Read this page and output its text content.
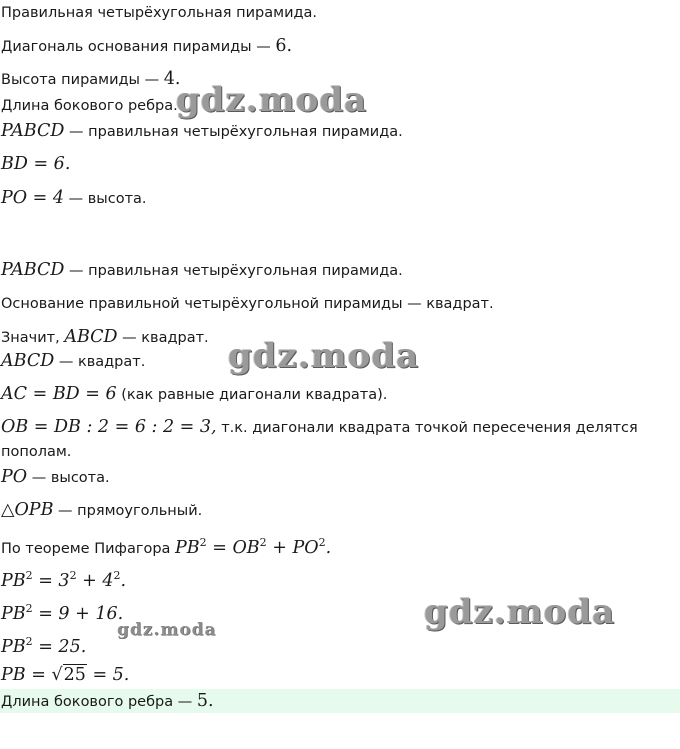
Правильная четырёхугольная пирамида.
Диагональ основания пирамиды — 6.
Высота пирамиды — 4.
Длина бокового ребра.
PABCD — правильная четырёхугольная пирамида.
BD = 6.
PO = 4 — высота.
PABCD — правильная четырёхугольная пирамида.
Основание правильной четырёхугольной пирамиды — квадрат.
Значит, ABCD — квадрат.
ABCD — квадрат.
AC = BD = 6 (как равные диагонали квадрата).
OB = DB : 2 = 6 : 2 = 3, т.к. диагонали квадрата точкой пересечения делятся
пополам.
PO — высота.
△OPB — прямоугольный.
По теореме Пифагора $PB^2 = OB^2 + PO^2$.
$PB^2 = 3^2 + 4^2$.
$PB^2 = 9 + 16$.
$PB^2 = 25$.
PB = √25 = 5.
Длина бокового ребра — 5.
gdz.moda
gdz.moda
gdz.moda
gdz.moda
